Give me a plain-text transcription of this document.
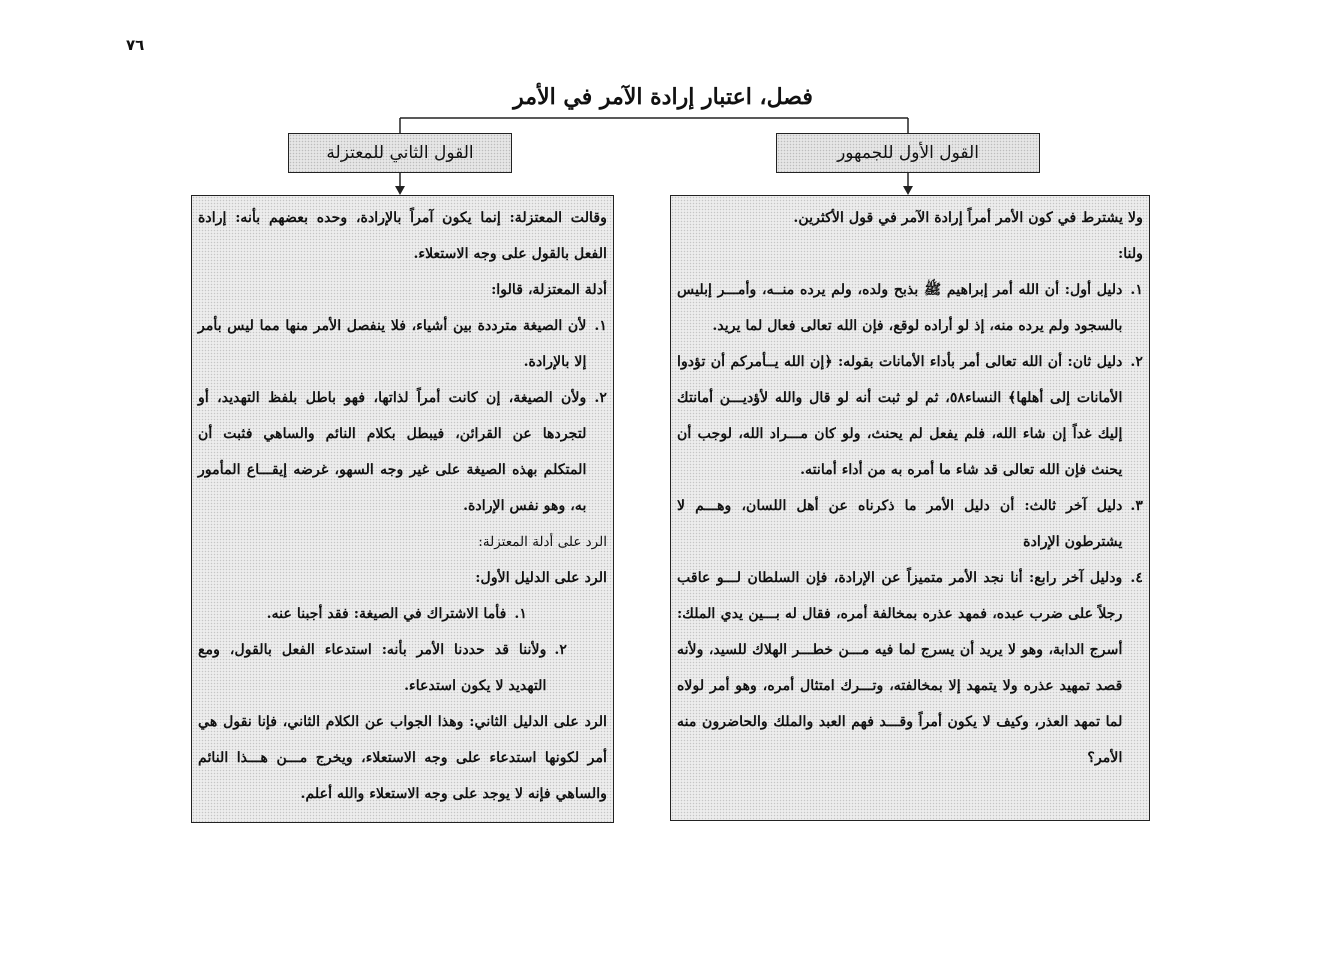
٧٦
فصل، اعتبار إرادة الآمر في الأمر
القول الثاني للمعتزلة	القول الأول للجمهور

ولا يشترط في كون الأمر أمراً إرادة الآمر في قول الأكثرين.

ولنا:

١.
دليل أول: أن الله أمر إبراهيم ﷺ بذبح ولده، ولم يرده منــه، وأمـــر إبليس بالسجود ولم يرده منه، إذ لو أراده لوقع، فإن الله تعالى فعال لما يريد.
٢.
دليل ثان: أن الله تعالى أمر بأداء الأمانات بقوله: ﴿إن الله يــأمركم أن تؤدوا الأمانات إلى أهلها﴾ النساء٥٨، ثم لو ثبت أنه لو قال والله لأؤديـــن أمانتك إليك غداً إن شاء الله، فلم يفعل لم يحنث، ولو كان مـــراد الله، لوجب أن يحنث فإن الله تعالى قد شاء ما أمره به من أداء أمانته.
٣.
دليل آخر ثالث: أن دليل الأمر ما ذكرناه عن أهل اللسان، وهـــم لا يشترطون الإرادة
٤.
ودليل آخر رابع: أنا نجد الأمر متميزاً عن الإرادة، فإن السلطان لـــو عاقب رجلاً على ضرب عبده، فمهد عذره بمخالفة أمره، فقال له بـــين يدي الملك: أسرج الدابة، وهو لا يريد أن يسرج لما فيه مـــن خطـــر الهلاك للسيد، ولأنه قصد تمهيد عذره ولا يتمهد إلا بمخالفته، وتـــرك امتثال أمره، وهو أمر لولاه لما تمهد العذر، وكيف لا يكون أمراً وقـــد فهم العبد والملك والحاضرون منه الأمر؟

وقالت المعتزلة: إنما يكون آمراً بالإرادة، وحده بعضهم بأنه: إرادة الفعل بالقول على وجه الاستعلاء.

أدلة المعتزلة، قالوا:

١.
لأن الصيغة مترددة بين أشياء، فلا ينفصل الأمر منها مما ليس بأمر إلا بالإرادة.
٢.
ولأن الصيغة، إن كانت أمراً لذاتها، فهو باطل بلفظ التهديد، أو لتجردها عن القرائن، فيبطل بكلام النائم والساهي فثبت أن المتكلم بهذه الصيغة على غير وجه السهو، غرضه إيقـــاع المأمور به، وهو نفس الإرادة.

الرد على أدلة المعتزلة:

الرد على الدليل الأول:

١.
فأما الاشتراك في الصيغة: فقد أجبنا عنه.
٢.
ولأننا قد حددنا الأمر بأنه: استدعاء الفعل بالقول، ومع التهديد لا يكون استدعاء.

الرد على الدليل الثاني: وهذا الجواب عن الكلام الثاني، فإنا نقول هي أمر لكونها استدعاء على وجه الاستعلاء، ويخرج مـــن هـــذا النائم والساهي فإنه لا يوجد على وجه الاستعلاء والله أعلم.
